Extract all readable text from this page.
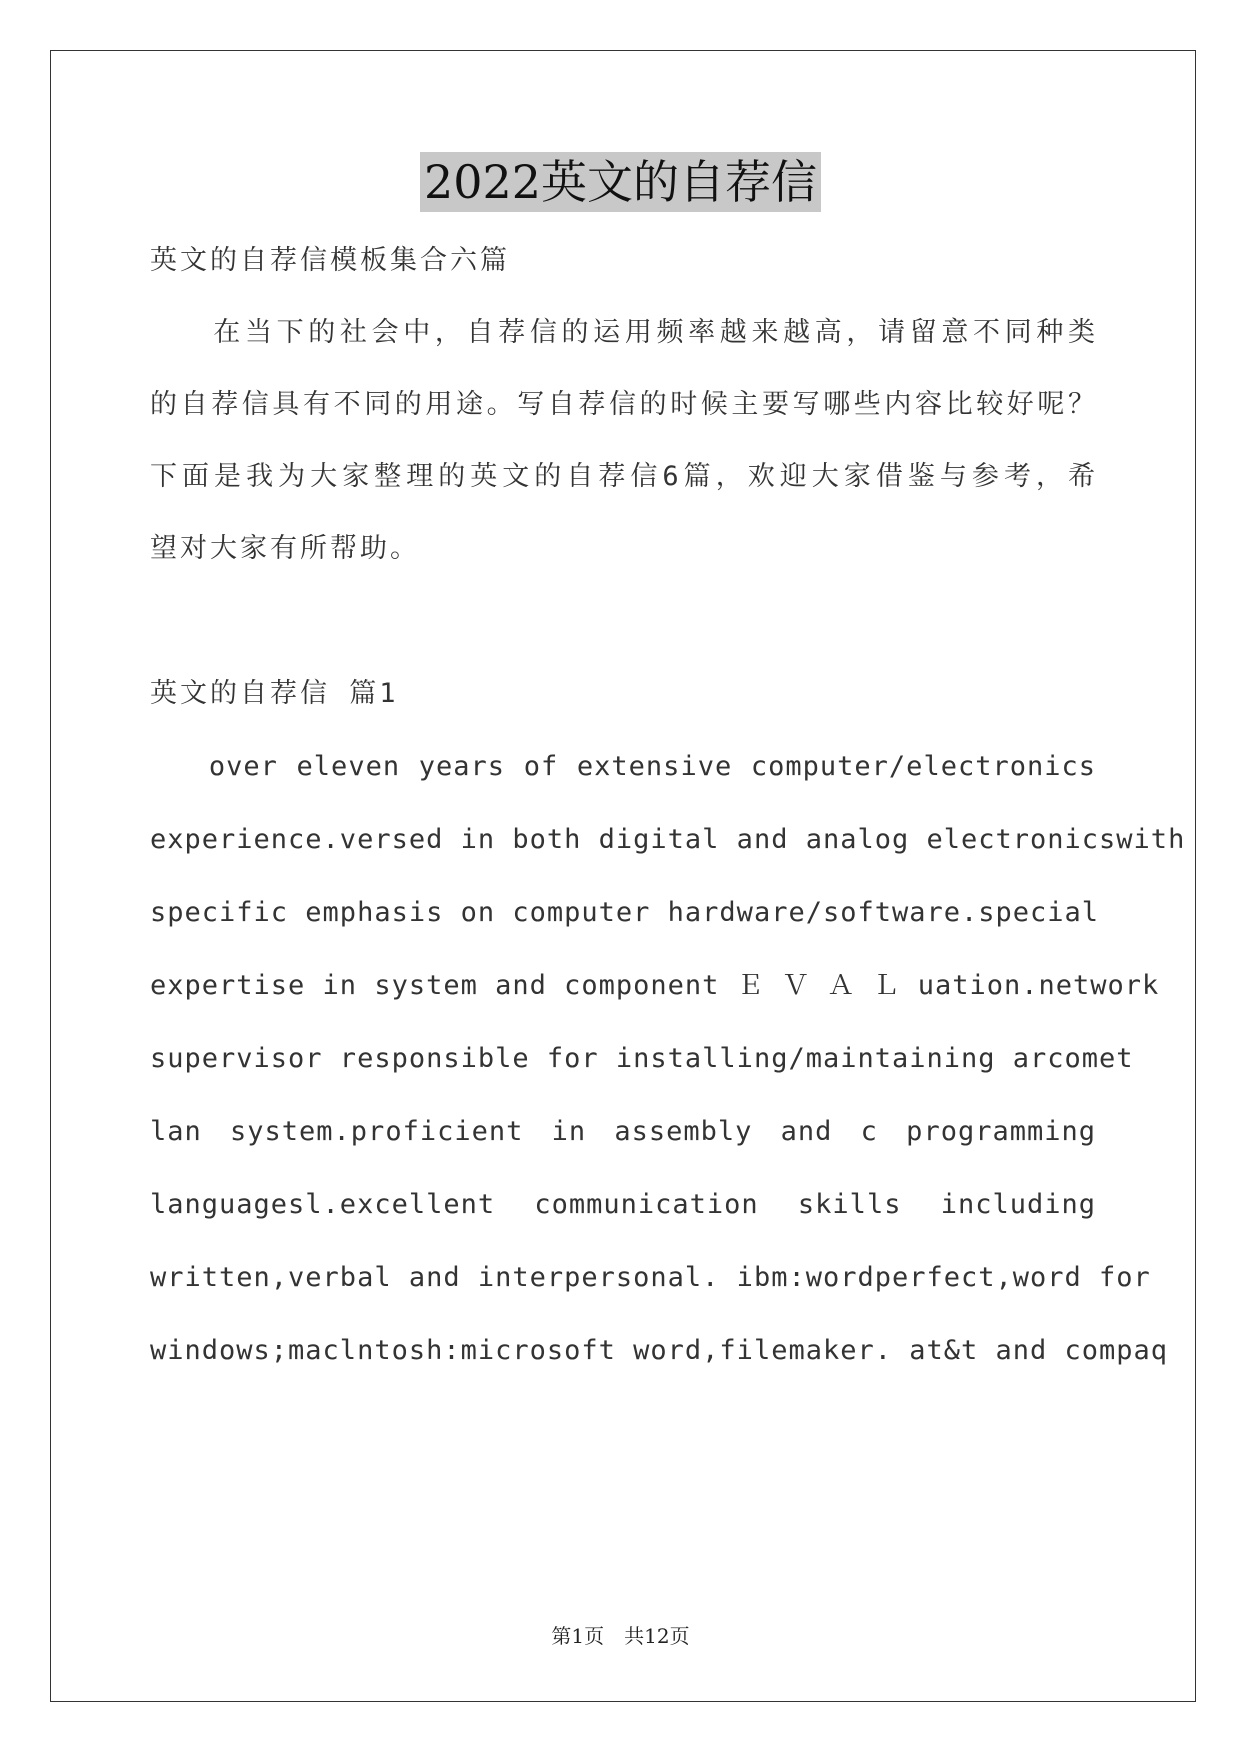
2022英文的自荐信
英文的自荐信模板集合六篇
　　在当下的社会中，自荐信的运用频率越来越高，请留意不同种类
的自荐信具有不同的用途。写自荐信的时候主要写哪些内容比较好呢？
下面是我为大家整理的英文的自荐信6篇，欢迎大家借鉴与参考，希
望对大家有所帮助。
英文的自荐信 篇1
　　over eleven years of extensive computer/electronics
experience.versed in both digital and analog electronicswith
specific emphasis on computer hardware/software.special
expertise in system and component Ｅ Ｖ Ａ Ｌ uation.network
supervisor responsible for installing/maintaining arcomet
lan system.proficient in assembly and c programming
languagesl.excellent communication skills including
written,verbal and interpersonal. ibm:wordperfect,word for
windows;maclntosh:microsoft word,filemaker. at&t and compaq
第1页　共12页
